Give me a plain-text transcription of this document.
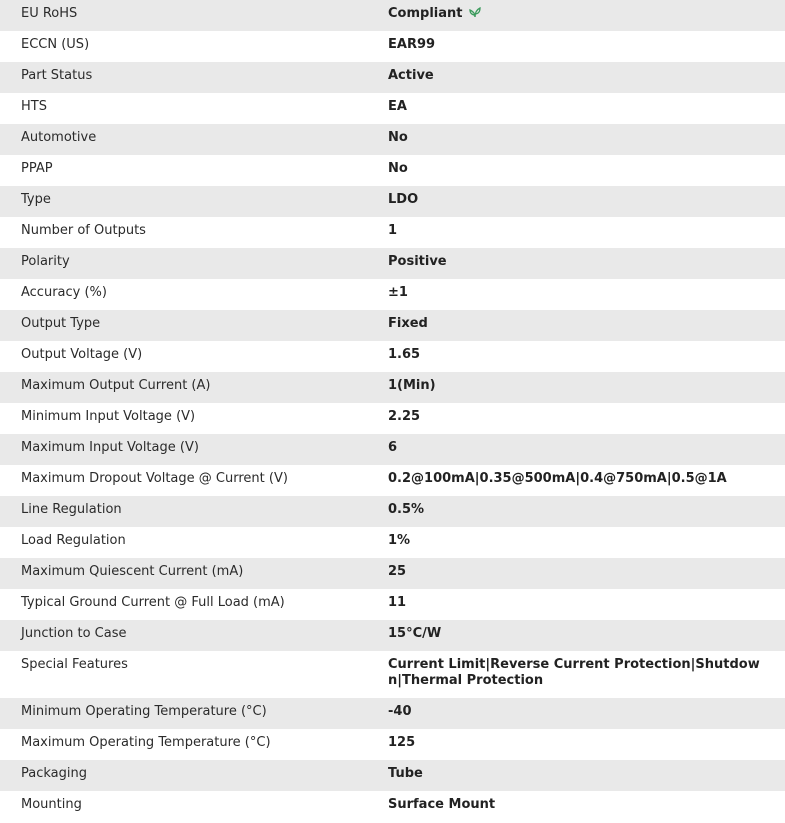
EU RoHS	Compliant
ECCN (US)	EAR99
Part Status	Active
HTS	EA
Automotive	No
PPAP	No
Type	LDO
Number of Outputs	1
Polarity	Positive
Accuracy (%)	±1
Output Type	Fixed
Output Voltage (V)	1.65
Maximum Output Current (A)	1(Min)
Minimum Input Voltage (V)	2.25
Maximum Input Voltage (V)	6
Maximum Dropout Voltage @ Current (V)	0.2@100mA|0.35@500mA|0.4@750mA|0.5@1A
Line Regulation	0.5%
Load Regulation	1%
Maximum Quiescent Current (mA)	25
Typical Ground Current @ Full Load (mA)	11
Junction to Case	15°C/W
Special Features	Current Limit|Reverse Current Protection|Shutdown|Thermal Protection
Minimum Operating Temperature (°C)	-40
Maximum Operating Temperature (°C)	125
Packaging	Tube
Mounting	Surface Mount
